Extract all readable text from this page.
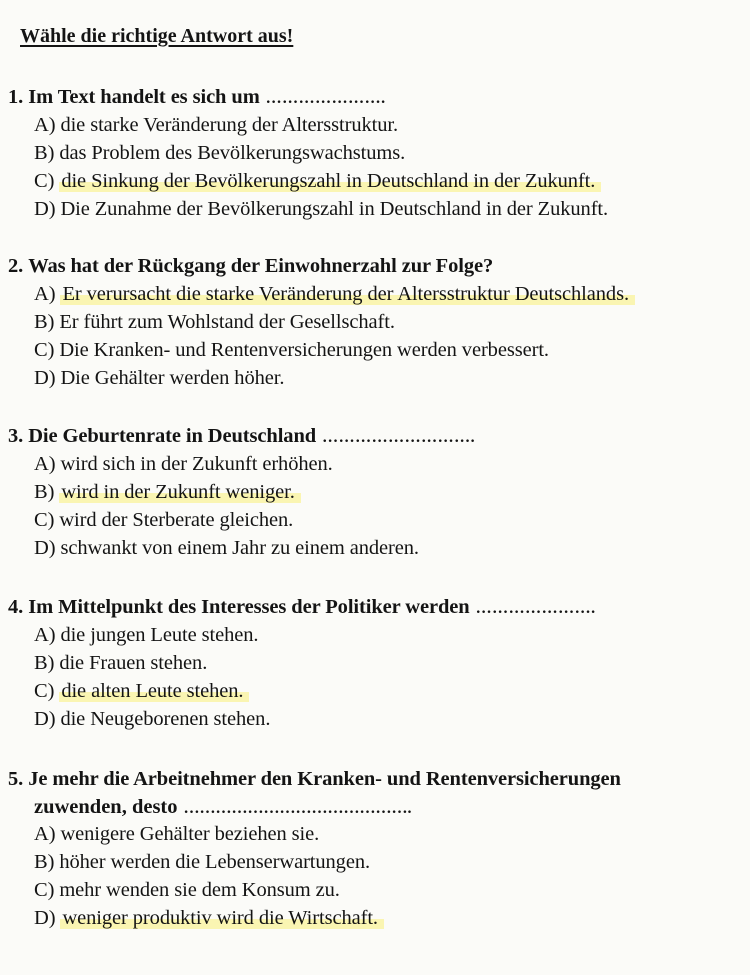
Wähle die richtige Antwort aus!
1. Im Text handelt es sich um ………………….
A) die starke Veränderung der Altersstruktur.
B) das Problem des Bevölkerungswachstums.
C) die Sinkung der Bevölkerungszahl in Deutschland in der Zukunft.
D) Die Zunahme der Bevölkerungszahl in Deutschland in der Zukunft.
2. Was hat der Rückgang der Einwohnerzahl zur Folge?
A) Er verursacht die starke Veränderung der Altersstruktur Deutschlands.
B) Er führt zum Wohlstand der Gesellschaft.
C) Die Kranken- und Rentenversicherungen werden verbessert.
D) Die Gehälter werden höher.
3. Die Geburtenrate in Deutschland ……………………….
A) wird sich in der Zukunft erhöhen.
B) wird in der Zukunft weniger.
C) wird der Sterberate gleichen.
D) schwankt von einem Jahr zu einem anderen.
4. Im Mittelpunkt des Interesses der Politiker werden ………………….
A) die jungen Leute stehen.
B) die Frauen stehen.
C) die alten Leute stehen.
D) die Neugeborenen stehen.
5. Je mehr die Arbeitnehmer den Kranken- und Rentenversicherungen
zuwenden, desto …………………………………….
A) wenigere Gehälter beziehen sie.
B) höher werden die Lebenserwartungen.
C) mehr wenden sie dem Konsum zu.
D) weniger produktiv wird die Wirtschaft.
